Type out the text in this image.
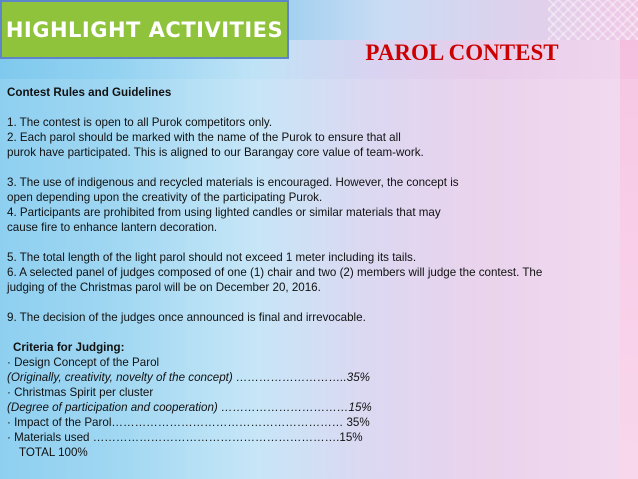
HIGHLIGHT ACTIVITIES
PAROL CONTEST

Contest Rules and Guidelines

1. The contest is open to all Purok competitors only.

2. Each parol should be marked with the name of the Purok to ensure that all

purok have participated. This is aligned to our Barangay core value of team-work.

3. The use of indigenous and recycled materials is encouraged. However, the concept is

open depending upon the creativity of the participating Purok.

4. Participants are prohibited from using lighted candles or similar materials that may

cause fire to enhance lantern decoration.

5. The total length of the light parol should not exceed 1 meter including its tails.

6. A selected panel of judges composed of one (1) chair and two (2) members will judge the contest. The

judging of the Christmas parol will be on December 20, 2016.

9. The decision of the judges once announced is final and irrevocable.

Criteria for Judging:

· Design Concept of the Parol

(Originally, creativity, novelty of the concept) ………………………..35%

· Christmas Spirit per cluster

(Degree of participation and cooperation) ……………………………15%

· Impact of the Parol…………………………………………………… 35%

· Materials used ……………………………………………………….15%

TOTAL 100%
